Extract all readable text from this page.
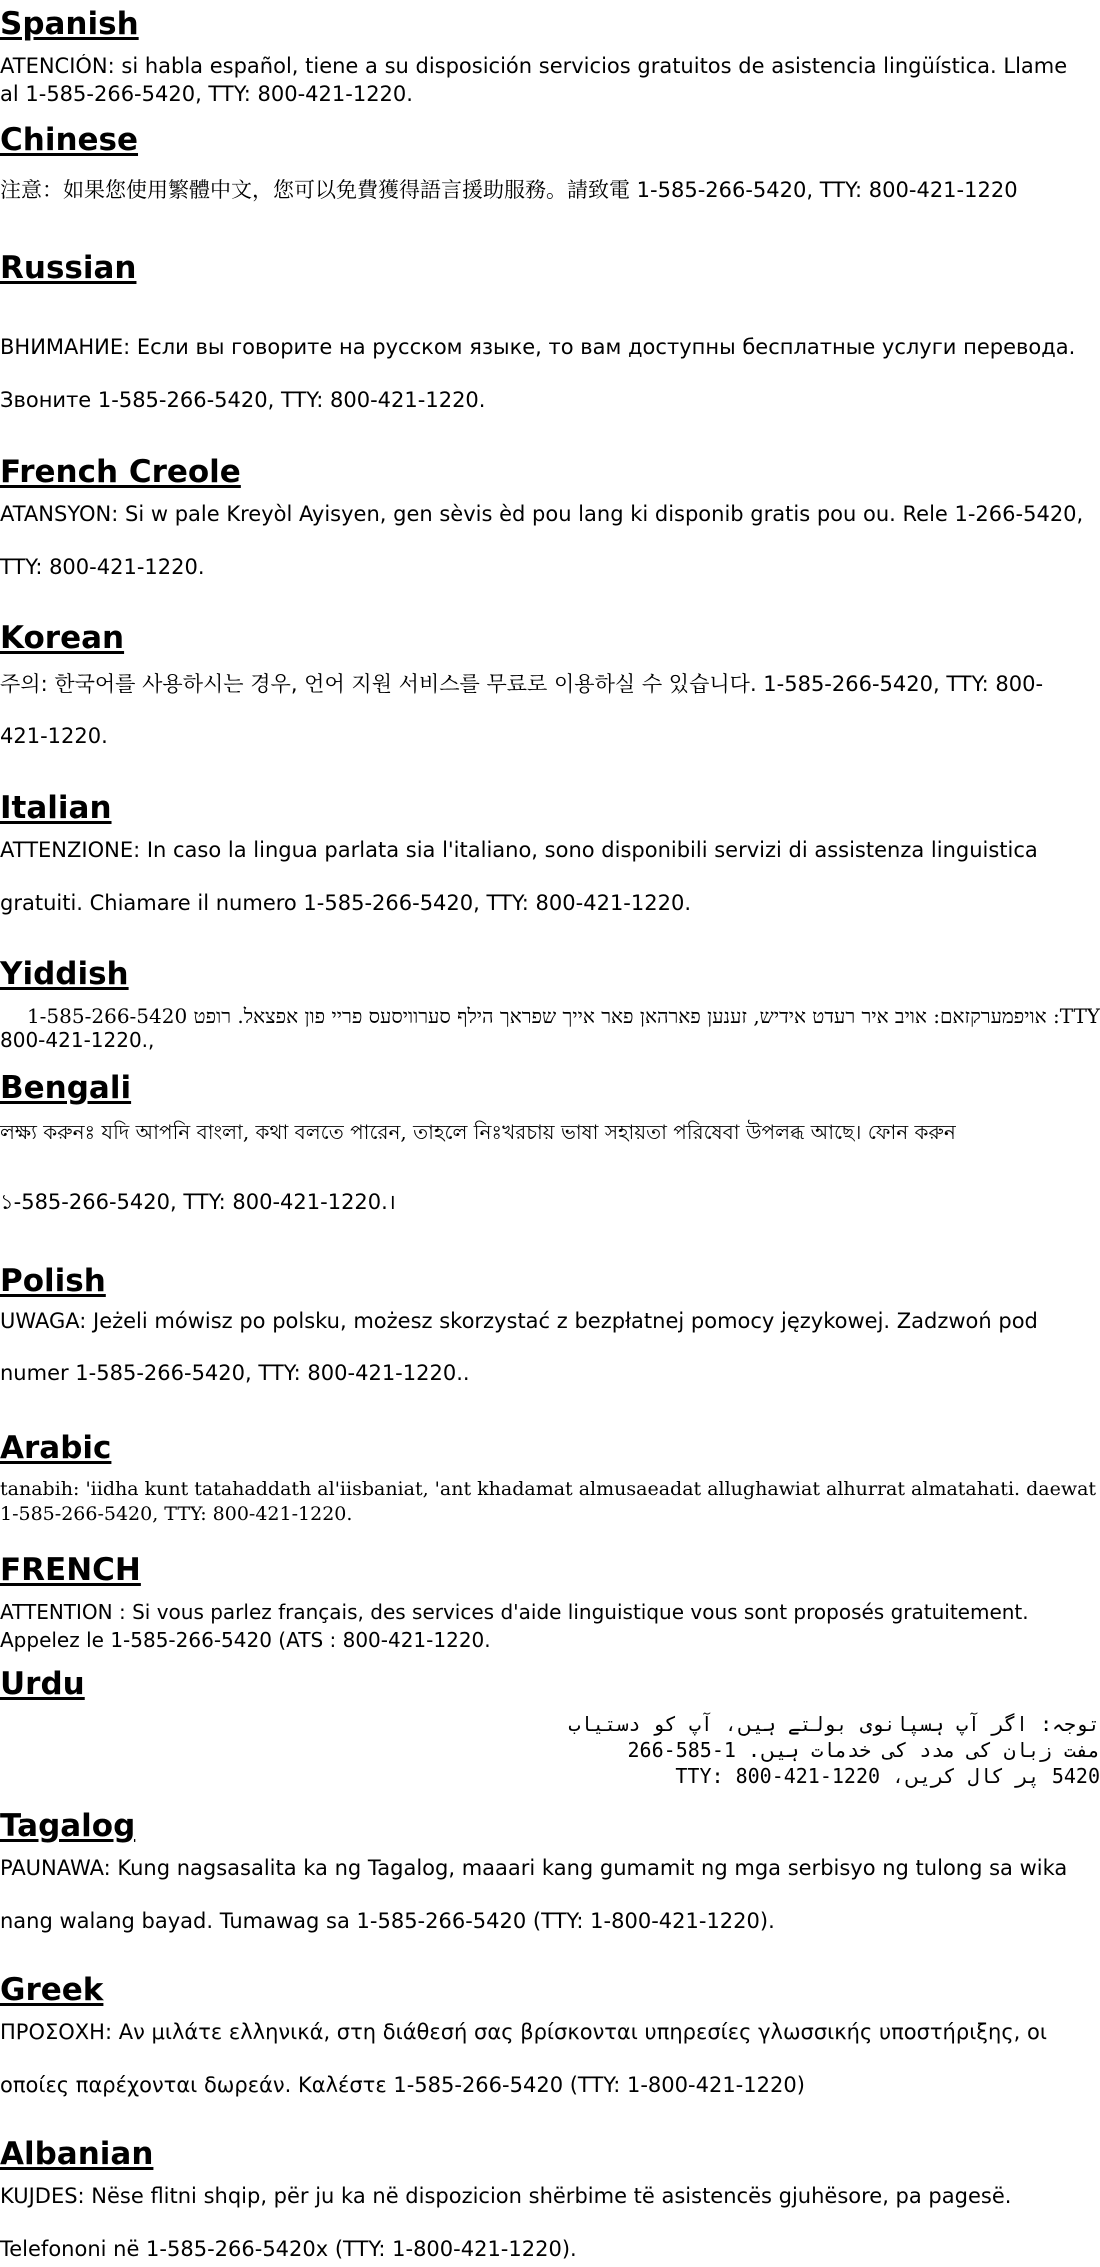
Spanish
ATENCIÓN: si habla español, tiene a su disposición servicios gratuitos de asistencia lingüística. Llame
al 1-585-266-5420, TTY: 800-421-1220.
Chinese
注意：如果您使用繁體中文，您可以免費獲得語言援助服務。請致電 1-585-266-5420, TTY: 800-421-1220
Russian
ВНИМАНИЕ: Если вы говорите на русском языке, то вам доступны бесплатные услуги перевода.
Звоните 1-585-266-5420, TTY: 800-421-1220.
French Creole
ATANSYON: Si w pale Kreyòl Ayisyen, gen sèvis èd pou lang ki disponib gratis pou ou. Rele 1-266-5420,
TTY: 800-421-1220.
Korean
주의: 한국어를 사용하시는 경우, 언어 지원 서비스를 무료로 이용하실 수 있습니다. 1-585-266-5420, TTY: 800-
421-1220.
Italian
ATTENZIONE: In caso la lingua parlata sia l'italiano, sono disponibili servizi di assistenza linguistica
gratuiti. Chiamare il numero 1-585-266-5420, TTY: 800-421-1220.
Yiddish
TTY: אויפמערקזאם: אויב איר רעדט אידיש, זענען פארהאן פאר אייך שפראך הילף סערוויסעס פריי פון אפצאל. רופט 1-585-266-5420
800-421-1220.,
Bengali
লক্ষ্য করুনঃ যদি আপনি বাংলা, কথা বলতে পারেন, তাহলে নিঃখরচায় ভাষা সহায়তা পরিষেবা উপলব্ধ আছে। ফোন করুন
১-585-266-5420, TTY: 800-421-1220.।
Polish
UWAGA: Jeżeli mówisz po polsku, możesz skorzystać z bezpłatnej pomocy językowej. Zadzwoń pod
numer 1-585-266-5420, TTY: 800-421-1220..
Arabic
tanabih: 'iidha kunt tatahaddath al'iisbaniat, 'ant khadamat almusaeadat allughawiat alhurrat almatahati. daewat
1-585-266-5420, TTY: 800-421-1220.
FRENCH
ATTENTION : Si vous parlez français, des services d'aide linguistique vous sont proposés gratuitement.
Appelez le 1-585-266-5420 (ATS : 800-421-1220.
Urdu
توجہ: اگر آپ ہسپانوی بولتے ہیں، آپ کو دستیاب
مفت زبان کی مدد کی خدمات ہیں. 1-585-266
5420 پر کال کریں، TTY: 800-421-1220
Tagalog
PAUNAWA: Kung nagsasalita ka ng Tagalog, maaari kang gumamit ng mga serbisyo ng tulong sa wika
nang walang bayad. Tumawag sa 1-585-266-5420 (TTY: 1-800-421-1220).
Greek
ΠΡΟΣΟΧΗ: Αν μιλάτε ελληνικά, στη διάθεσή σας βρίσκονται υπηρεσίες γλωσσικής υποστήριξης, οι
οποίες παρέχονται δωρεάν. Καλέστε 1-585-266-5420 (TTY: 1-800-421-1220)
Albanian
KUJDES: Nëse flitni shqip, për ju ka në dispozicion shërbime të asistencës gjuhësore, pa pagesë.
Telefononi në 1-585-266-5420x (TTY: 1-800-421-1220).
